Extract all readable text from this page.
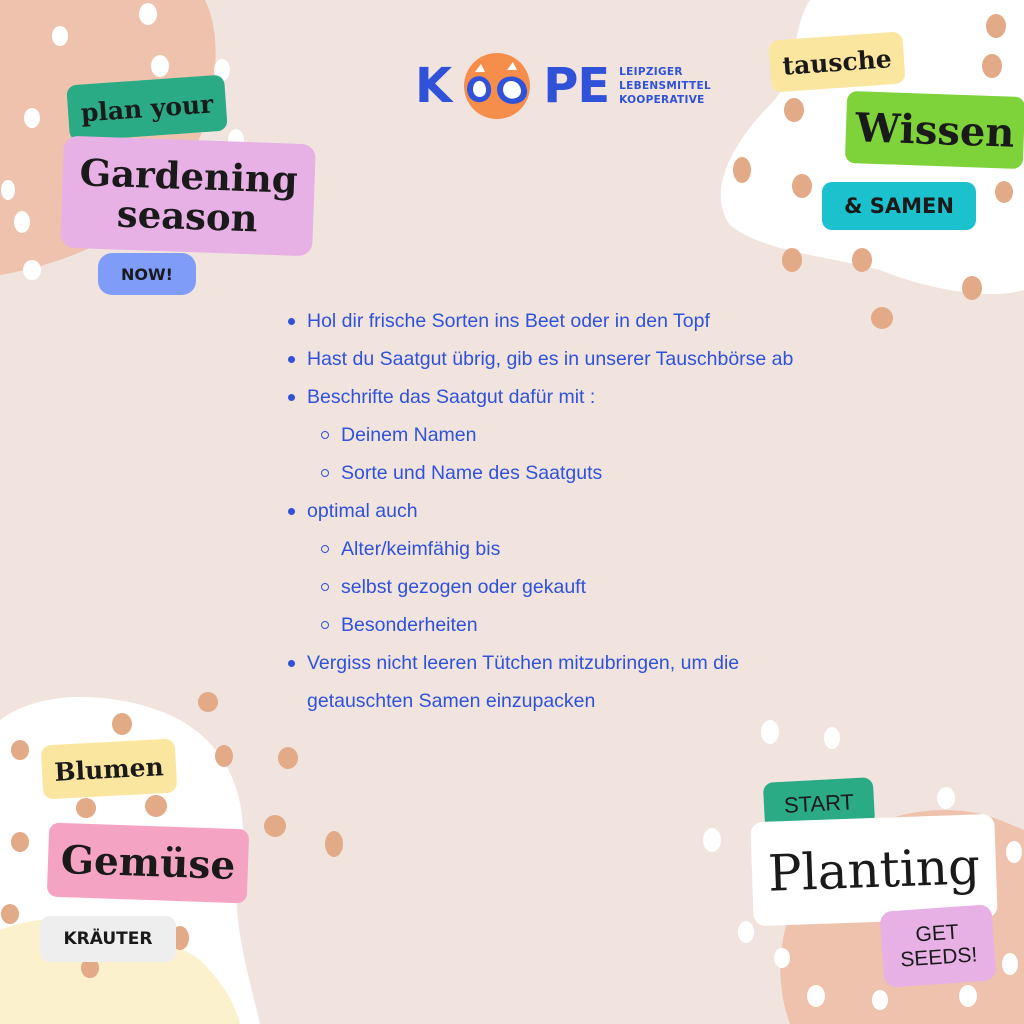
K PE LEIPZIGER
LEBENSMITTEL
KOOPERATIVE
plan your
Gardening
season
NOW!
tausche
Wissen
& SAMEN
Blumen
Gemüse
KRÄUTER
START
Planting
GET
SEEDS!
Hol dir frische Sorten ins Beet oder in den Topf
Hast du Saatgut übrig, gib es in unserer Tauschbörse ab
Beschrifte das Saatgut dafür mit :
Deinem Namen
Sorte und Name des Saatguts
optimal auch
Alter/keimfähig bis
selbst gezogen oder gekauft
Besonderheiten
Vergiss nicht leeren Tütchen mitzubringen, um die
getauschten Samen einzupacken
